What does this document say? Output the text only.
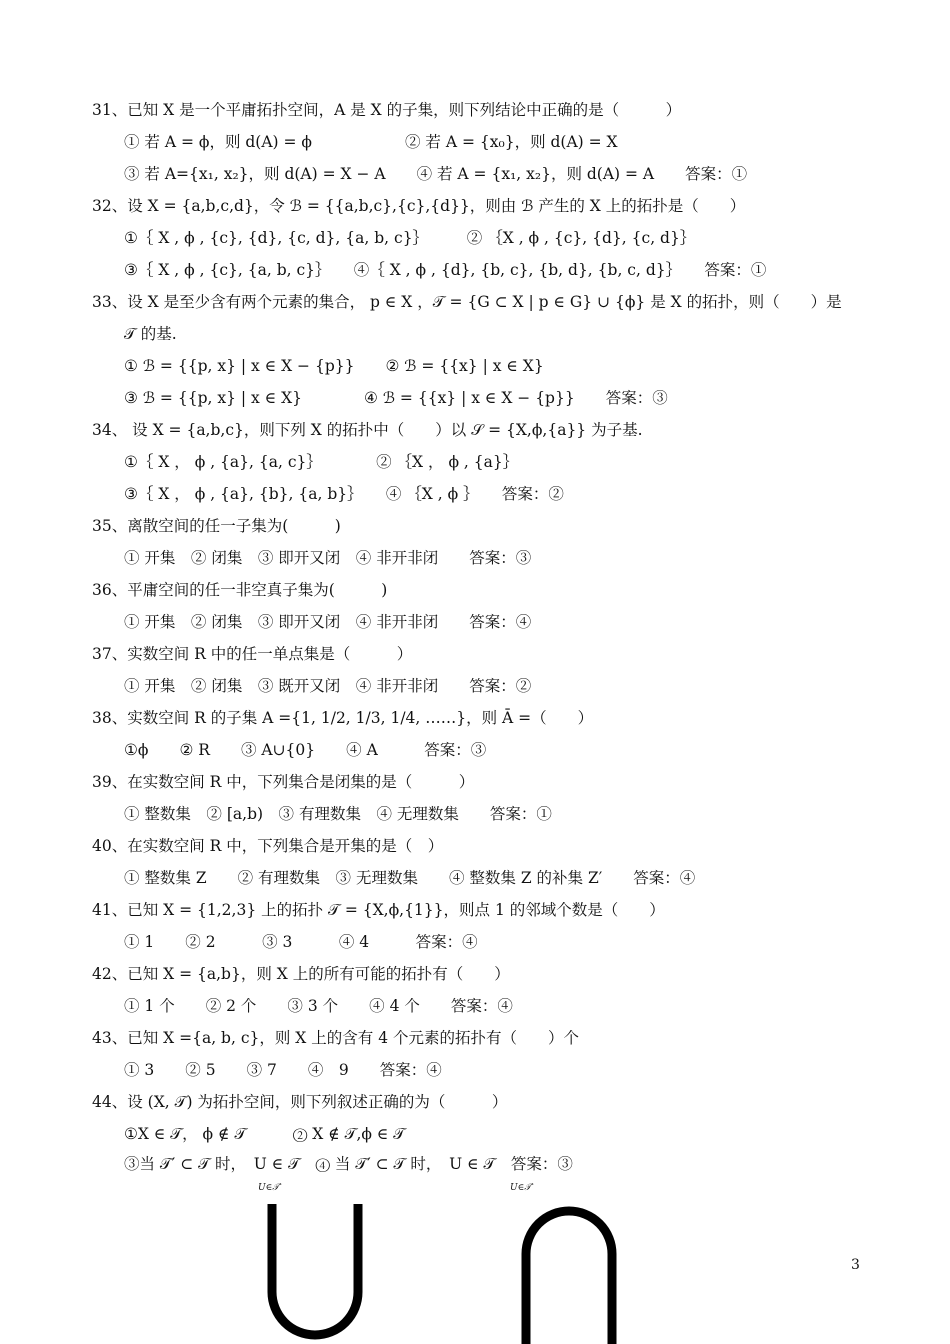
31、已知 X 是一个平庸拓扑空间，A 是 X 的子集，则下列结论中正确的是（　　　）
① 若 A = ϕ，则 d(A) = ϕ　　　　　　② 若 A = {x₀}，则 d(A) = X
③ 若 A={x₁, x₂}，则 d(A) = X − A　　④ 若 A = {x₁, x₂}，则 d(A) = A　　答案：①
32、设 X = {a,b,c,d}，令 ℬ = {{a,b,c},{c},{d}}，则由 ℬ 产生的 X 上的拓扑是（　　）
①｛ X , ϕ , {c}, {d}, {c, d}, {a, b, c}｝　　　② ｛X , ϕ , {c}, {d}, {c, d}｝
③｛ X , ϕ , {c}, {a, b, c}｝　　④｛ X , ϕ , {d}, {b, c}, {b, d}, {b, c, d}｝　　答案：①
33、设 X 是至少含有两个元素的集合， p ∈ X ，𝒯 = {G ⊂ X | p ∈ G} ∪ {ϕ} 是 X 的拓扑，则（　　）是
𝒯 的基.
① ℬ = {{p, x} | x ∈ X − {p}}　　② ℬ = {{x} | x ∈ X}
③ ℬ = {{p, x} | x ∈ X}　　　　④ ℬ = {{x} | x ∈ X − {p}}　　答案：③
34、 设 X = {a,b,c}，则下列 X 的拓扑中（　　）以 𝒮 = {X,ϕ,{a}} 为子基.
①｛ X ， ϕ , {a}, {a, c}｝　　　　② ｛X ， ϕ , {a}｝
③｛ X ， ϕ , {a}, {b}, {a, b}｝　　④ ｛X , ϕ ｝　　答案：②
35、离散空间的任一子集为(　　　)
① 开集　② 闭集　③ 即开又闭　④ 非开非闭　　答案：③
36、平庸空间的任一非空真子集为(　　　)
① 开集　② 闭集　③ 即开又闭　④ 非开非闭　　答案：④
37、实数空间 R 中的任一单点集是（　　　）
① 开集　② 闭集　③ 既开又闭　④ 非开非闭　　答案：②
38、实数空间 R 的子集 A ={1, 1/2, 1/3, 1/4, ……}，则 Ā =（　　）
①ϕ　　② R　　③ A∪{0}　　④ A　　　答案：③
39、在实数空间 R 中，下列集合是闭集的是（　　　）
① 整数集　② [a,b)　③ 有理数集　④ 无理数集　　答案：①
40、在实数空间 R 中，下列集合是开集的是（　）
① 整数集 Z　　② 有理数集　③ 无理数集　　④ 整数集 Z 的补集 Z′　　答案：④
41、已知 X = {1,2,3} 上的拓扑 𝒯 = {X,ϕ,{1}}，则点 1 的邻域个数是（　　）
① 1　　② 2　　　③ 3　　　④ 4　　　答案：④
42、已知 X = {a,b}，则 X 上的所有可能的拓扑有（　　）
① 1 个　　② 2 个　　③ 3 个　　④ 4 个　　答案：④
43、已知 X ={a, b, c}，则 X 上的含有 4 个元素的拓扑有（　　）个
① 3　　② 5　　③ 7　　④　9　　答案：④
44、设 (X, 𝒯) 为拓扑空间，则下列叙述正确的为（　　　）
①X ∈ 𝒯， ϕ ∉ 𝒯　　　② X ∉ 𝒯,ϕ ∈ 𝒯
③当 𝒯′ ⊂ 𝒯 时，　U ∈ 𝒯　④ 当 𝒯′ ⊂ 𝒯 时，　U ∈ 𝒯　答案：③
U∈𝒯′	U∈𝒯′
3
